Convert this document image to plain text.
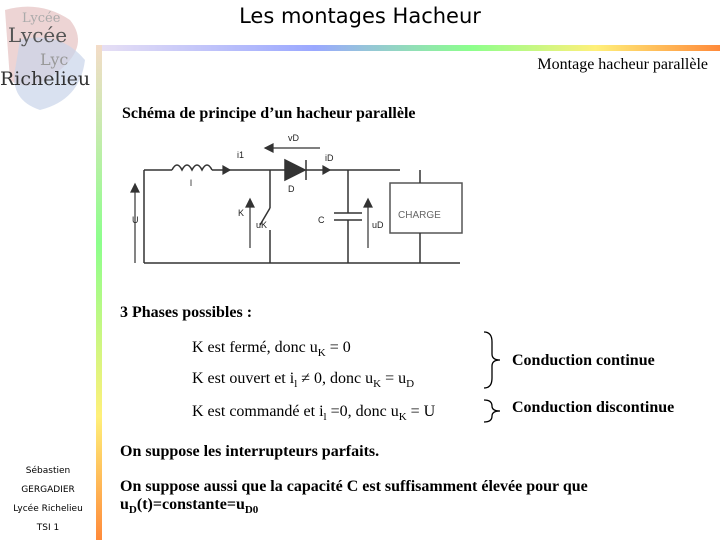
Lycée
Lycée
Lyc
Richelieu
Les montages Hacheur
Montage hacheur parallèle
Schéma de principe d’un hacheur parallèle
vD
i1	iD
l
D
U
K
uK	C	uD
CHARGE
3 Phases possibles :
K est fermé, donc $u_K = 0$
K est ouvert et $i_l \ne 0$, donc $u_K = u_D$
K est commandé et $i_l =0$, donc $u_K = U$
Conduction continue
Conduction discontinue
On suppose les interrupteurs parfaits.
On suppose aussi que la capacité C est suffisamment élevée pour que
$u_D(t)=constante=u_{D0}$
Sébastien
GERGADIER
Lycée Richelieu
TSI 1
